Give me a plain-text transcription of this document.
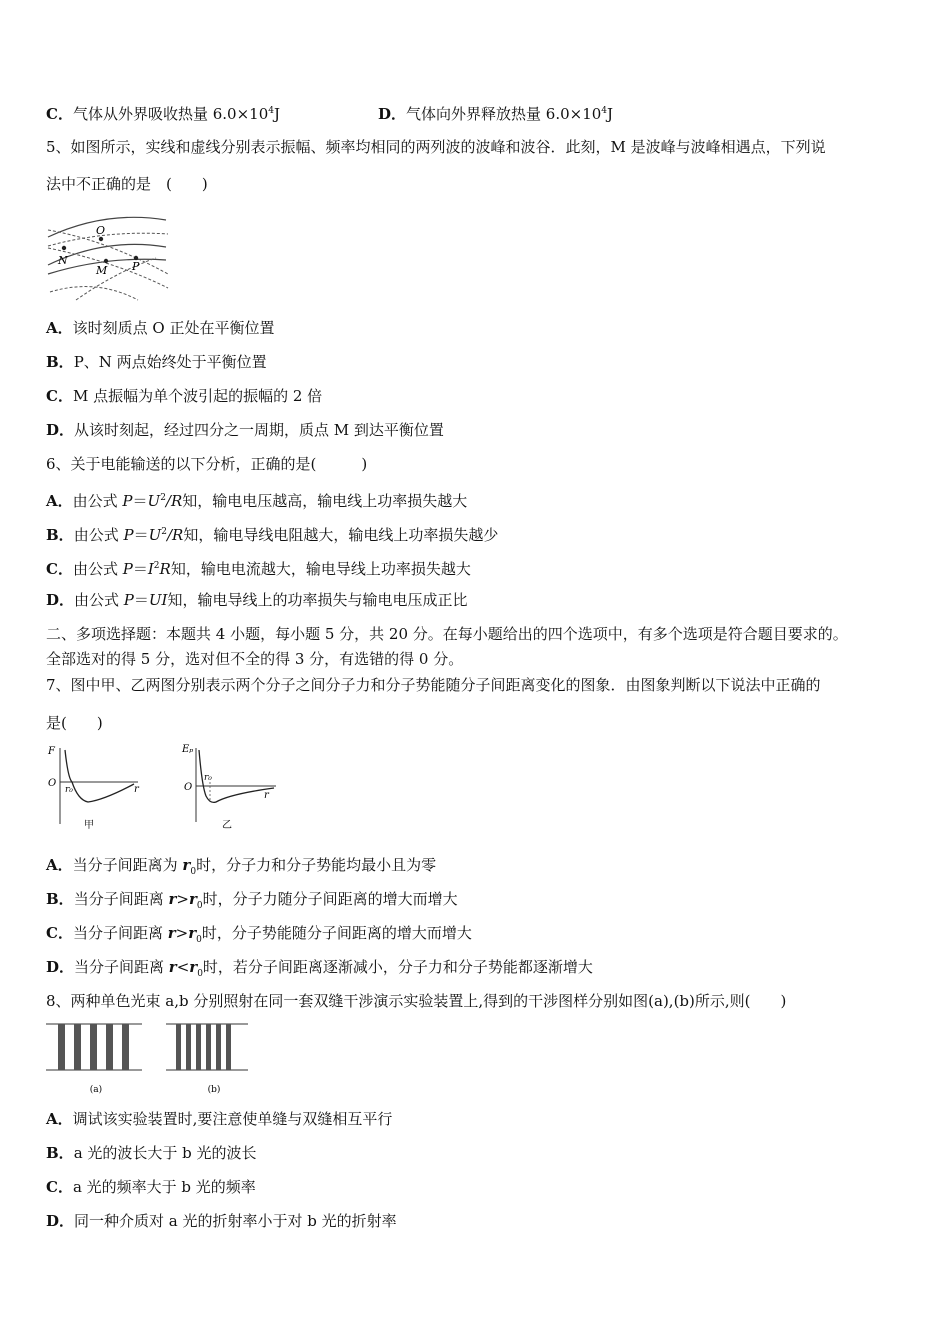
C．气体从外界吸收热量 $6.0\times 10^4J$	D．气体向外界释放热量 $6.0\times 10^4J$
5、如图所示，实线和虚线分别表示振幅、频率均相同的两列波的波峰和波谷．此刻，M 是波峰与波峰相遇点，下列说
法中不正确的是　(　　)
O
N
M P
A．该时刻质点 O 正处在平衡位置
B．P、N 两点始终处于平衡位置
C．M 点振幅为单个波引起的振幅的 2 倍
D．从该时刻起，经过四分之一周期，质点 M 到达平衡位置
6、关于电能输送的以下分析，正确的是(　　　)
A．由公式 $P=U^2/R$知，输电电压越高，输电线上功率损失越大
B．由公式 $P=U^2/R$知，输电导线电阻越大，输电线上功率损失越少
C．由公式 $P=I^2R$知，输电电流越大，输电导线上功率损失越大
D．由公式 P＝UI知，输电导线上的功率损失与输电电压成正比
二、多项选择题：本题共 4 小题，每小题 5 分，共 20 分。在每小题给出的四个选项中，有多个选项是符合题目要求的。
全部选对的得 5 分，选对但不全的得 3 分，有选错的得 0 分。
7、图中甲、乙两图分别表示两个分子之间分子力和分子势能随分子间距离变化的图象．由图象判断以下说法中正确的
是(　　)
F
O
r₀	r
甲
Eₚ
O
r₀
r
乙
A．当分子间距离为 $r_0$时，分子力和分子势能均最小且为零
B．当分子间距离 $r>r_0$时，分子力随分子间距离的增大而增大
C．当分子间距离 $r>r_0$时，分子势能随分子间距离的增大而增大
D．当分子间距离 $r<r_0$时，若分子间距离逐渐减小，分子力和分子势能都逐渐增大
8、两种单色光束 a,b 分别照射在同一套双缝干涉演示实验装置上,得到的干涉图样分别如图(a),(b)所示,则(　　)
(a)	(b)
A．调试该实验装置时,要注意使单缝与双缝相互平行
B．a 光的波长大于 b 光的波长
C．a 光的频率大于 b 光的频率
D．同一种介质对 a 光的折射率小于对 b 光的折射率
